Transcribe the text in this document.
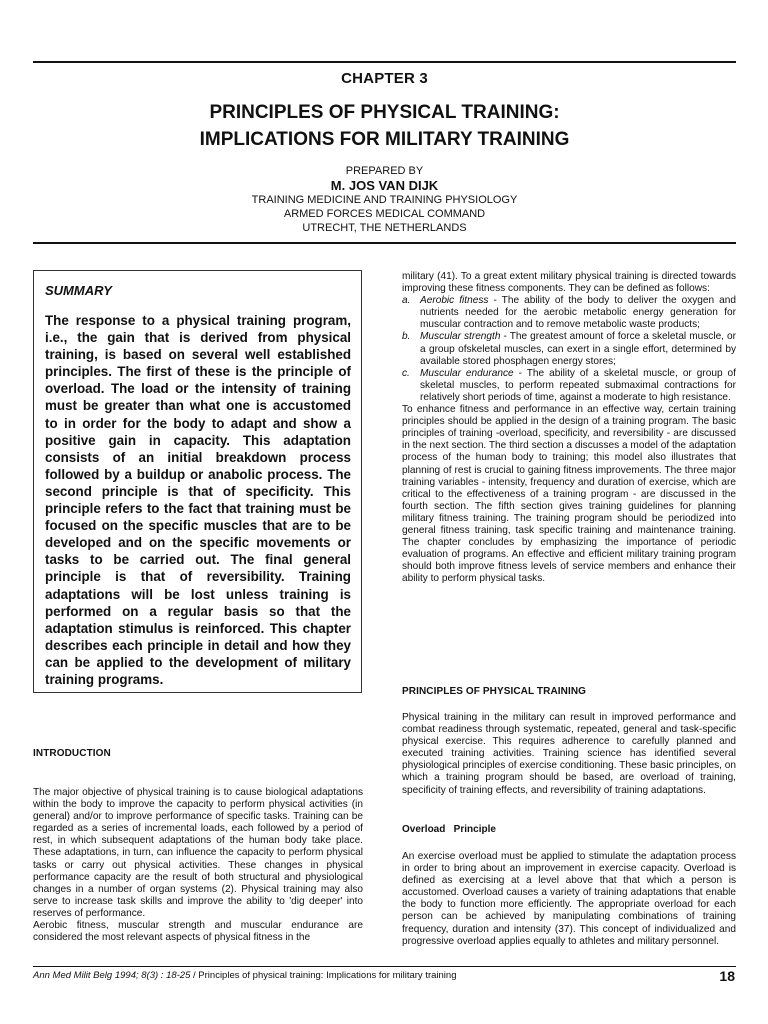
CHAPTER 3
PRINCIPLES OF PHYSICAL TRAINING:
IMPLICATIONS FOR MILITARY TRAINING
PREPARED BY
M. JOS VAN DIJK
TRAINING MEDICINE AND TRAINING PHYSIOLOGY
ARMED FORCES MEDICAL COMMAND
UTRECHT, THE NETHERLANDS
SUMMARY
The response to a physical training program, i.e., the gain that is derived from physical training, is based on several well established principles. The first of these is the principle of overload. The load or the intensity of training must be greater than what one is accustomed to in order for the body to adapt and show a positive gain in capacity. This adaptation consists of an initial breakdown process followed by a buildup or anabolic process. The second principle is that of specificity. This principle refers to the fact that training must be focused on the specific muscles that are to be developed and on the specific movements or tasks to be carried out. The final general principle is that of reversibility. Training adaptations will be lost unless training is performed on a regular basis so that the adaptation stimulus is reinforced. This chapter describes each principle in detail and how they can be applied to the development of military training programs.
INTRODUCTION

The major objective of physical training is to cause biological adaptations within the body to improve the capacity to perform physical activities (in general) and/or to improve performance of specific tasks. Training can be regarded as a series of incremental loads, each followed by a period of rest, in which subsequent adaptations of the human body take place. These adaptations, in turn, can influence the capacity to perform physical tasks or carry out physical activities. These changes in physical performance capacity are the result of both structural and physiological changes in a number of organ systems (2). Physical training may also serve to increase task skills and improve the ability to 'dig deeper' into reserves of performance.

Aerobic fitness, muscular strength and muscular endurance are considered the most relevant aspects of physical fitness in the

military (41). To a great extent military physical training is directed towards improving these fitness components. They can be defined as follows:

a. Aerobic fitness - The ability of the body to deliver the oxygen and nutrients needed for the aerobic metabolic energy generation for muscular contraction and to remove metabolic waste products;
b. Muscular strength - The greatest amount of force a skeletal muscle, or a group ofskeletal muscles, can exert in a single effort, determined by available stored phosphagen energy stores;
c.	Muscular endurance - The ability of a skeletal muscle, or group of skeletal muscles, to perform repeated submaximal contractions for relatively short periods of time, against a moderate to high resistance.

To enhance fitness and performance in an effective way, certain training principles should be applied in the design of a training program. The basic principles of training -overload, specificity, and reversibility - are discussed in the next section. The third section a discusses a model of the adaptation process of the human body to training; this model also illustrates that planning of rest is crucial to gaining fitness improvements. The three major training variables - intensity, frequency and duration of exercise, which are critical to the effectiveness of a training program - are discussed in the fourth section. The fifth section gives training guidelines for planning military fitness training. The training program should be periodized into general fitness training, task specific training and maintenance training. The chapter concludes by emphasizing the importance of periodic evaluation of programs. An effective and efficient military training program should both improve fitness levels of service members and enhance their ability to perform physical tasks.

PRINCIPLES OF PHYSICAL TRAINING

Physical training in the military can result in improved performance and combat readiness through systematic, repeated, general and task-specific physical exercise. This requires adherence to carefully planned and executed training activities. Training science has identified several physiological principles of exercise conditioning. These basic principles, on which a training program should be based, are overload of training, specificity of training effects, and reversibility of training adaptations.

Overload   Principle

An exercise overload must be applied to stimulate the adaptation process in order to bring about an improvement in exercise capacity. Overload is defined as exercising at a level above that that which a person is accustomed. Overload causes a variety of training adaptations that enable the body to function more efficiently. The appropriate overload for each person can be achieved by manipulating combinations of training frequency, duration and intensity (37). This concept of individualized and progressive overload applies equally to athletes and military personnel.

Ann Med Milit Belg 1994; 8(3) : 18-25 / Principles of physical training: Implications for military training	18
